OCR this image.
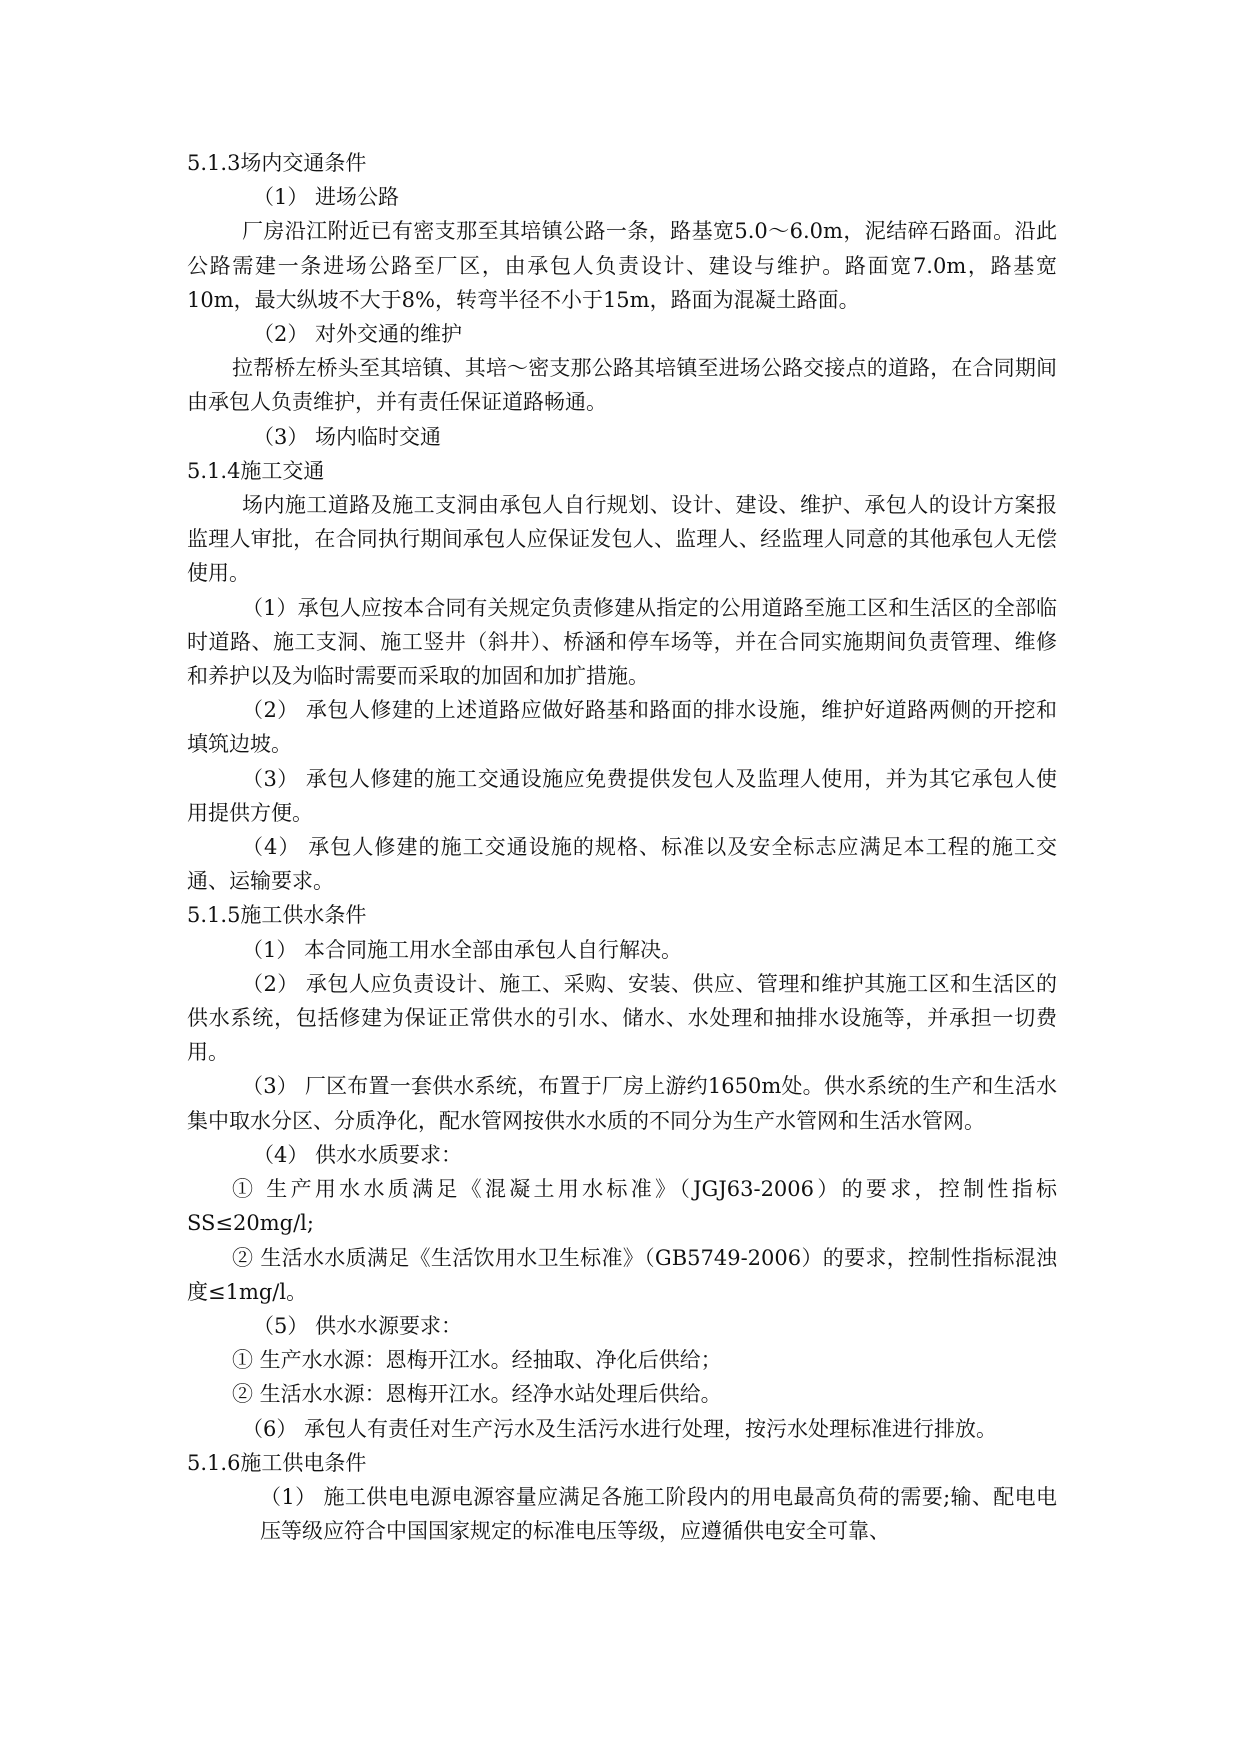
5.1.3场内交通条件

（1） 进场公路

厂房沿江附近已有密支那至其培镇公路一条，路基宽5.0～6.0m，泥结碎石路面。沿此公路需建一条进场公路至厂区，由承包人负责设计、建设与维护。路面宽7.0m，路基宽10m，最大纵坡不大于8%，转弯半径不小于15m，路面为混凝土路面。

（2） 对外交通的维护

拉帮桥左桥头至其培镇、其培～密支那公路其培镇至进场公路交接点的道路，在合同期间由承包人负责维护，并有责任保证道路畅通。

（3） 场内临时交通

5.1.4施工交通

场内施工道路及施工支洞由承包人自行规划、设计、建设、维护、承包人的设计方案报监理人审批，在合同执行期间承包人应保证发包人、监理人、经监理人同意的其他承包人无偿使用。

（1）承包人应按本合同有关规定负责修建从指定的公用道路至施工区和生活区的全部临时道路、施工支洞、施工竖井（斜井）、桥涵和停车场等，并在合同实施期间负责管理、维修和养护以及为临时需要而采取的加固和加扩措施。

（2） 承包人修建的上述道路应做好路基和路面的排水设施，维护好道路两侧的开挖和填筑边坡。

（3） 承包人修建的施工交通设施应免费提供发包人及监理人使用，并为其它承包人使用提供方便。

（4） 承包人修建的施工交通设施的规格、标准以及安全标志应满足本工程的施工交通、运输要求。

5.1.5施工供水条件

（1） 本合同施工用水全部由承包人自行解决。

（2） 承包人应负责设计、施工、采购、安装、供应、管理和维护其施工区和生活区的供水系统，包括修建为保证正常供水的引水、储水、水处理和抽排水设施等，并承担一切费用。

（3） 厂区布置一套供水系统，布置于厂房上游约1650m处。供水系统的生产和生活水集中取水分区、分质净化，配水管网按供水水质的不同分为生产水管网和生活水管网。

（4） 供水水质要求：

① 生产用水水质满足《混凝土用水标准》（JGJ63-2006）的要求，控制性指标SS≤20mg/l;

② 生活水水质满足《生活饮用水卫生标准》（GB5749-2006）的要求，控制性指标混浊度≤1mg/l。

（5） 供水水源要求：

① 生产水水源：恩梅开江水。经抽取、净化后供给；

② 生活水水源：恩梅开江水。经净水站处理后供给。

（6） 承包人有责任对生产污水及生活污水进行处理，按污水处理标准进行排放。

5.1.6施工供电条件

（1） 施工供电电源电源容量应满足各施工阶段内的用电最高负荷的需要;输、配电电压等级应符合中国国家规定的标准电压等级，应遵循供电安全可靠、
